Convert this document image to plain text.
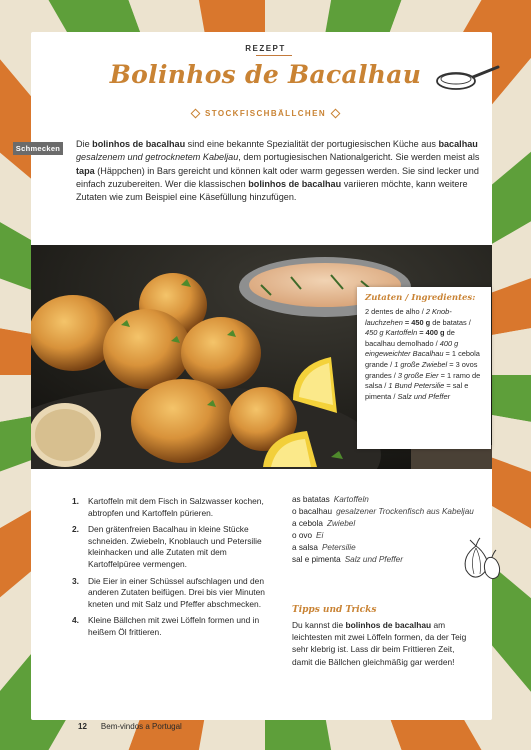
REZEPT
Bolinhos de Bacalhau
STOCKFISCHBÄLLCHEN
Schmecken	Die bolinhos de bacalhau sind eine bekannte Spezialität der portugiesischen Küche aus bacalhau gesalzenem und getrocknetem Kabeljau, dem portugiesischen Nationalgericht. Sie werden meist als tapa (Häppchen) in Bars gereicht und können kalt oder warm gegessen werden. Sie sind lecker und einfach zuzubereiten. Wer die klassischen bolinhos de bacalhau variieren möchte, kann weitere Zutaten wie zum Beispiel eine Käsefüllung hinzufügen.
Zutaten / Ingredientes:
2 dentes de alho / 2 Knoblauchzehen = 450 g de batatas / 450 g Kartoffeln = 400 g de bacalhau demolhado / 400 g eingeweichter Bacalhau = 1 cebola grande / 1 große Zwiebel = 3 ovos grandes / 3 große Eier = 1 ramo de salsa / 1 Bund Petersilie = sal e pimenta / Salz und Pfeffer
1. Kartoffeln mit dem Fisch in Salzwasser kochen, abtropfen und Kartoffeln pürieren.
2. Den grätenfreien Bacalhau in kleine Stücke schneiden. Zwiebeln, Knoblauch und Petersilie kleinhacken und alle Zutaten mit dem Kartoffelpüree vermengen.
3. Die Eier in einer Schüssel aufschlagen und den anderen Zutaten beifügen. Drei bis vier Minuten kneten und mit Salz und Pfeffer abschmecken.
4. Kleine Bällchen mit zwei Löffeln formen und in heißem Öl frittieren.
as batatas Kartoffeln
o bacalhau gesalzener Trockenfisch aus Kabeljau
a cebola Zwiebel
o ovo Ei
a salsa Petersilie
sal e pimenta Salz und Pfeffer
Tipps und Tricks
Du kannst die bolinhos de bacalhau am leichtesten mit zwei Löffeln formen, da der Teig sehr klebrig ist. Lass dir beim Frittieren Zeit, damit die Bällchen gleichmäßig gar werden!
12 Bem-vindos a Portugal
